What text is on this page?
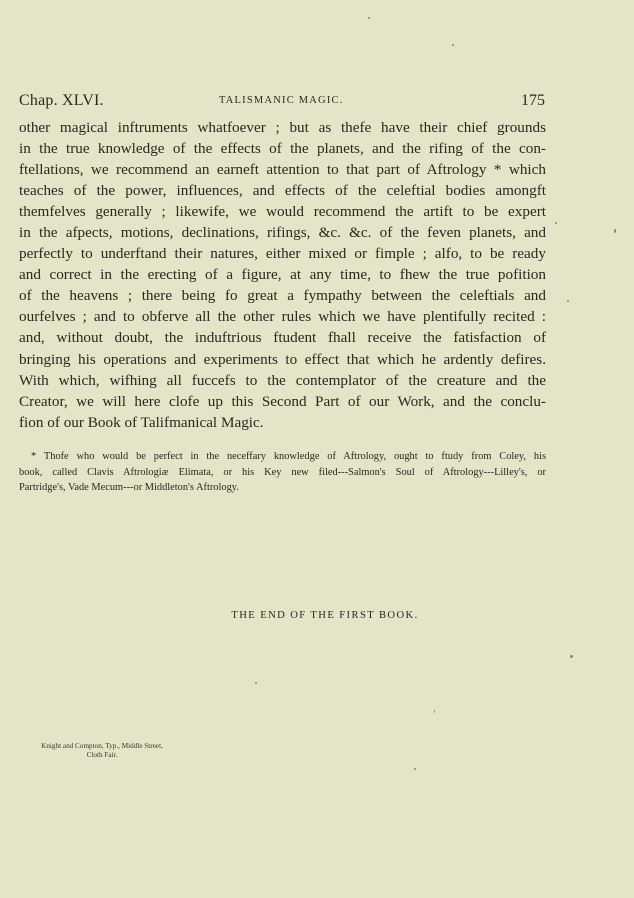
Chap. XLVI.	TALISMANIC MAGIC.	175
other magical inftruments whatfoever ; but as thefe have their chief grounds
in the true knowledge of the effects of the planets, and the rifing of the con-
ftellations, we recommend an earneft attention to that part of Aftrology * which
teaches of the power, influences, and effects of the celeftial bodies amongft
themfelves generally ; likewife, we would recommend the artift to be expert
in the afpects, motions, declinations, rifings, &c. &c. of the feven planets, and
perfectly to underftand their natures, either mixed or fimple ; alfo, to be ready
and correct in the erecting of a figure, at any time, to fhew the true pofition
of the heavens ; there being fo great a fympathy between the celeftials and
ourfelves ; and to obferve all the other rules which we have plentifully recited :
and, without doubt, the induftrious ftudent fhall receive the fatisfaction of
bringing his operations and experiments to effect that which he ardently defires.
With which, wifhing all fuccefs to the contemplator of the creature and the
Creator, we will here clofe up this Second Part of our Work, and the conclu-
fion of our Book of Talifmanical Magic.
* Thofe who would be perfect in the neceffary knowledge of Aftrology, ought to ftudy from Coley, his
book, called Clavis Aftrologiæ Elimata, or his Key new filed---Salmon's Soul of Aftrology---Lilley's, or
Partridge's, Vade Mecum---or Middleton's Aftrology.
THE END OF THE FIRST BOOK.
Knight and Compton, Typ., Middle Street,
Cloth Fair.
